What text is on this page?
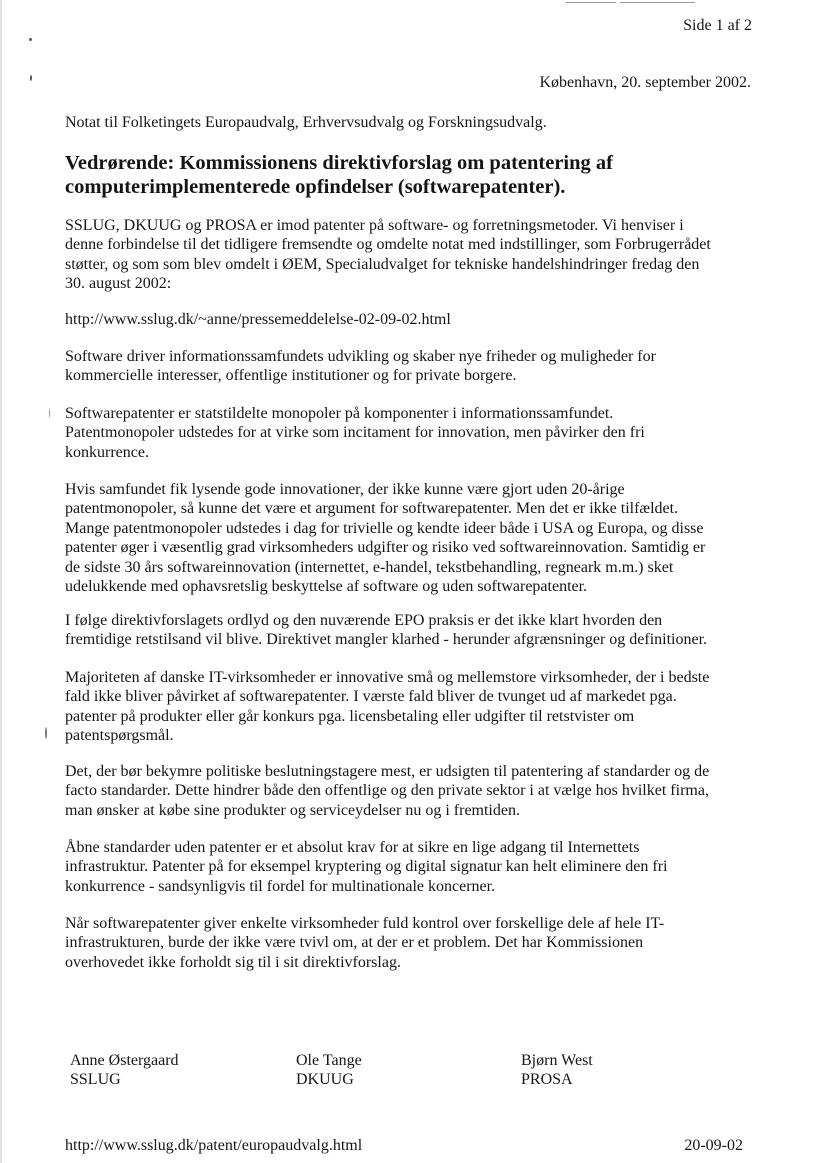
Side 1 af 2

København, 20. september 2002.

Notat til Folketingets Europaudvalg, Erhvervsudvalg og Forskningsudvalg.

Vedrørende: Kommissionens direktivforslag om patentering af
computerimplementerede opfindelser (softwarepatenter).
SSLUG, DKUUG og PROSA er imod patenter på software- og forretningsmetoder. Vi henviser i
denne forbindelse til det tidligere fremsendte og omdelte notat med indstillinger, som Forbrugerrådet
støtter, og som som blev omdelt i ØEM, Specialudvalget for tekniske handelshindringer fredag den
30. august 2002:
http://www.sslug.dk/~anne/pressemeddelelse-02-09-02.html
Software driver informationssamfundets udvikling og skaber nye friheder og muligheder for
kommercielle interesser, offentlige institutioner og for private borgere.
Softwarepatenter er statstildelte monopoler på komponenter i informationssamfundet.
Patentmonopoler udstedes for at virke som incitament for innovation, men påvirker den fri
konkurrence.
Hvis samfundet fik lysende gode innovationer, der ikke kunne være gjort uden 20-årige
patentmonopoler, så kunne det være et argument for softwarepatenter. Men det er ikke tilfældet.
Mange patentmonopoler udstedes i dag for trivielle og kendte ideer både i USA og Europa, og disse
patenter øger i væsentlig grad virksomheders udgifter og risiko ved softwareinnovation. Samtidig er
de sidste 30 års softwareinnovation (internettet, e-handel, tekstbehandling, regneark m.m.) sket
udelukkende med ophavsretslig beskyttelse af software og uden softwarepatenter.
I følge direktivforslagets ordlyd og den nuværende EPO praksis er det ikke klart hvorden den
fremtidige retstilsand vil blive. Direktivet mangler klarhed - herunder afgrænsninger og definitioner.
Majoriteten af danske IT-virksomheder er innovative små og mellemstore virksomheder, der i bedste
fald ikke bliver påvirket af softwarepatenter. I værste fald bliver de tvunget ud af markedet pga.
patenter på produkter eller går konkurs pga. licensbetaling eller udgifter til retstvister om
patentspørgsmål.
Det, der bør bekymre politiske beslutningstagere mest, er udsigten til patentering af standarder og de
facto standarder. Dette hindrer både den offentlige og den private sektor i at vælge hos hvilket firma,
man ønsker at købe sine produkter og serviceydelser nu og i fremtiden.
Åbne standarder uden patenter er et absolut krav for at sikre en lige adgang til Internettets
infrastruktur. Patenter på for eksempel kryptering og digital signatur kan helt eliminere den fri
konkurrence - sandsynligvis til fordel for multinationale koncerner.
Når softwarepatenter giver enkelte virksomheder fuld kontrol over forskellige dele af hele IT-
infrastrukturen, burde der ikke være tvivl om, at der er et problem. Det har Kommissionen
overhovedet ikke forholdt sig til i sit direktivforslag.
Anne Østergaard
SSLUG
Ole Tange
DKUUG
Bjørn West
PROSA

http://www.sslug.dk/patent/europaudvalg.html	20-09-02
